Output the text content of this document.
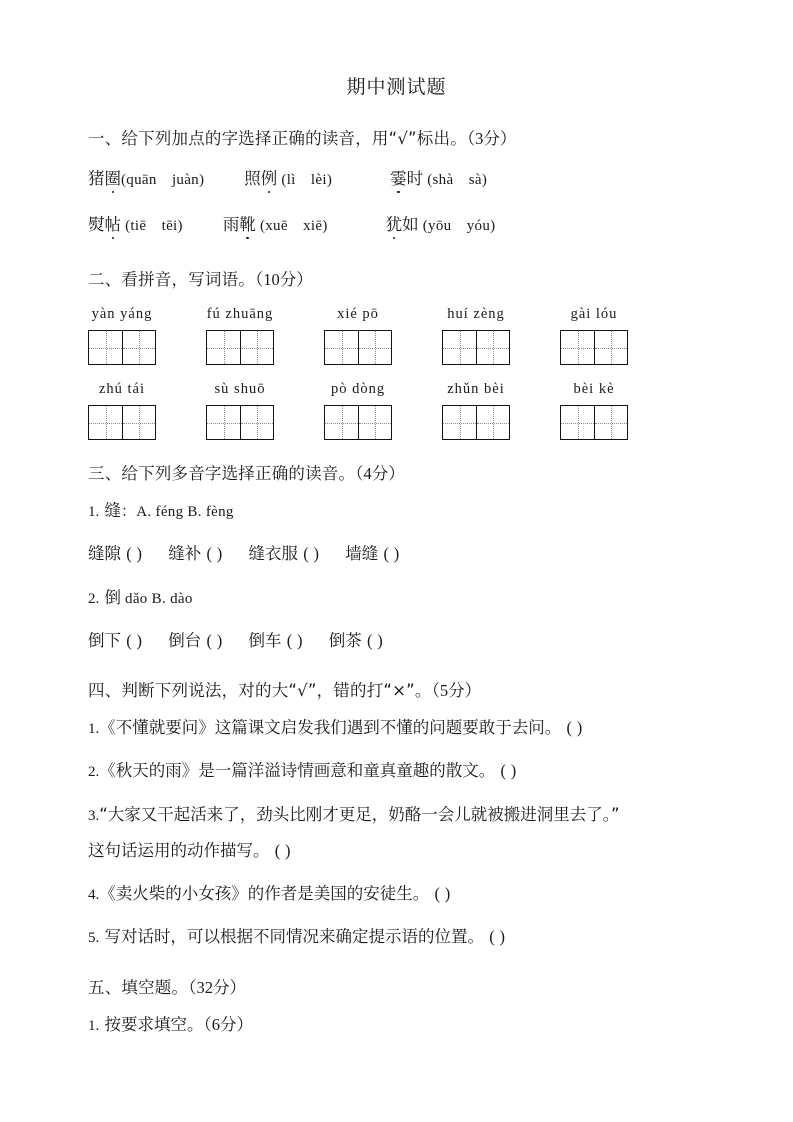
期中测试题
一、给下列加点的字选择正确的读音，用“√”标出。（3分）
猪圈(quān　juàn) 照例 (lì　lèi)	霎时 (shà　sà)
熨帖 (tiē　tēi) 雨靴 (xuē　xiē)	犹如 (yōu　yóu)
二、看拼音，写词语。（10分）
yàn yáng	fú zhuāng	xié pō	huí zèng	gài lóu
zhú tái	sù shuō	pò dòng	zhǔn bèi	bèi kè
三、给下列多音字选择正确的读音。（4分）
1. 缝：A. féng B. fèng
缝隙 ( ) 缝补 ( ) 缝衣服 ( ) 墙缝 ( )
2. 倒 dǎo B. dào
倒下 ( ) 倒台 ( ) 倒车 ( ) 倒茶 ( )
四、判断下列说法，对的大“√”，错的打“×”。（5分）
1.《不懂就要问》这篇课文启发我们遇到不懂的问题要敢于去问。 ( )
2.《秋天的雨》是一篇洋溢诗情画意和童真童趣的散文。 ( )
3.“大家又干起活来了，劲头比刚才更足，奶酪一会儿就被搬进洞里去了。”
这句话运用的动作描写。 ( )
4.《卖火柴的小女孩》的作者是美国的安徒生。 ( )
5. 写对话时，可以根据不同情况来确定提示语的位置。 ( )
五、填空题。（32分）
1. 按要求填空。（6分）
